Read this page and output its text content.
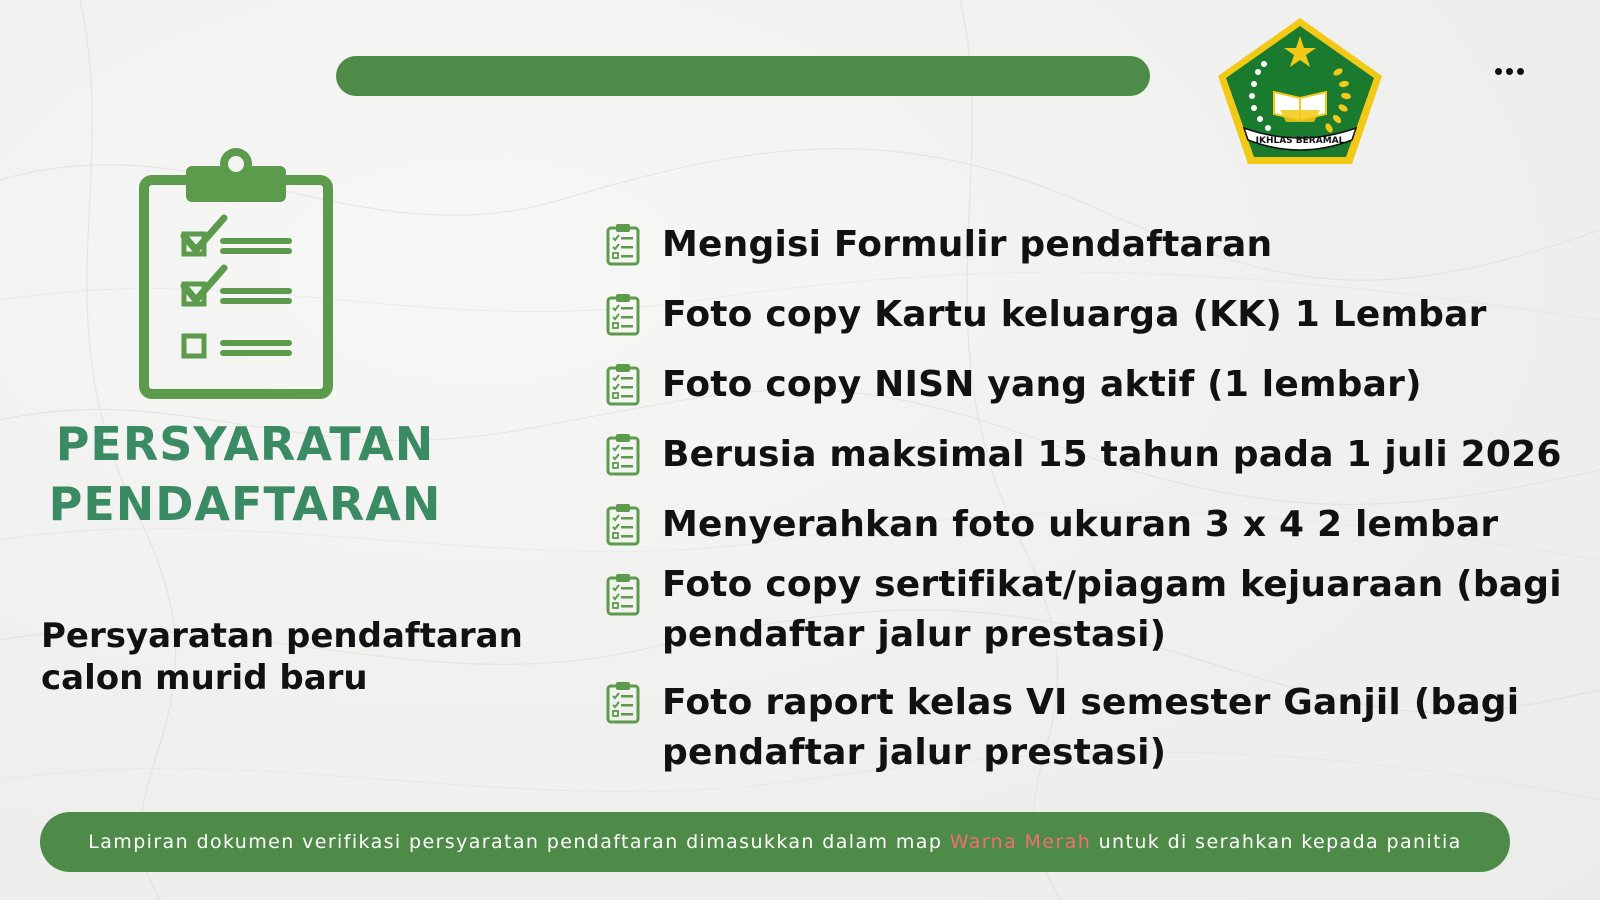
IKHLAS BERAMAL
PERSYARATAN
PENDAFTARAN
Persyaratan pendaftaran
calon murid baru
Mengisi Formulir pendaftaran
Foto copy Kartu keluarga (KK) 1 Lembar
Foto copy NISN yang aktif (1 lembar)
Berusia maksimal 15 tahun pada 1 juli 2026
Menyerahkan foto ukuran 3 x 4 2 lembar
Foto copy sertifikat/piagam kejuaraan (bagi
pendaftar jalur prestasi)
Foto raport kelas VI semester Ganjil (bagi
pendaftar jalur prestasi)
Lampiran dokumen verifikasi persyaratan pendaftaran dimasukkan dalam map Warna Merah untuk di serahkan kepada panitia
